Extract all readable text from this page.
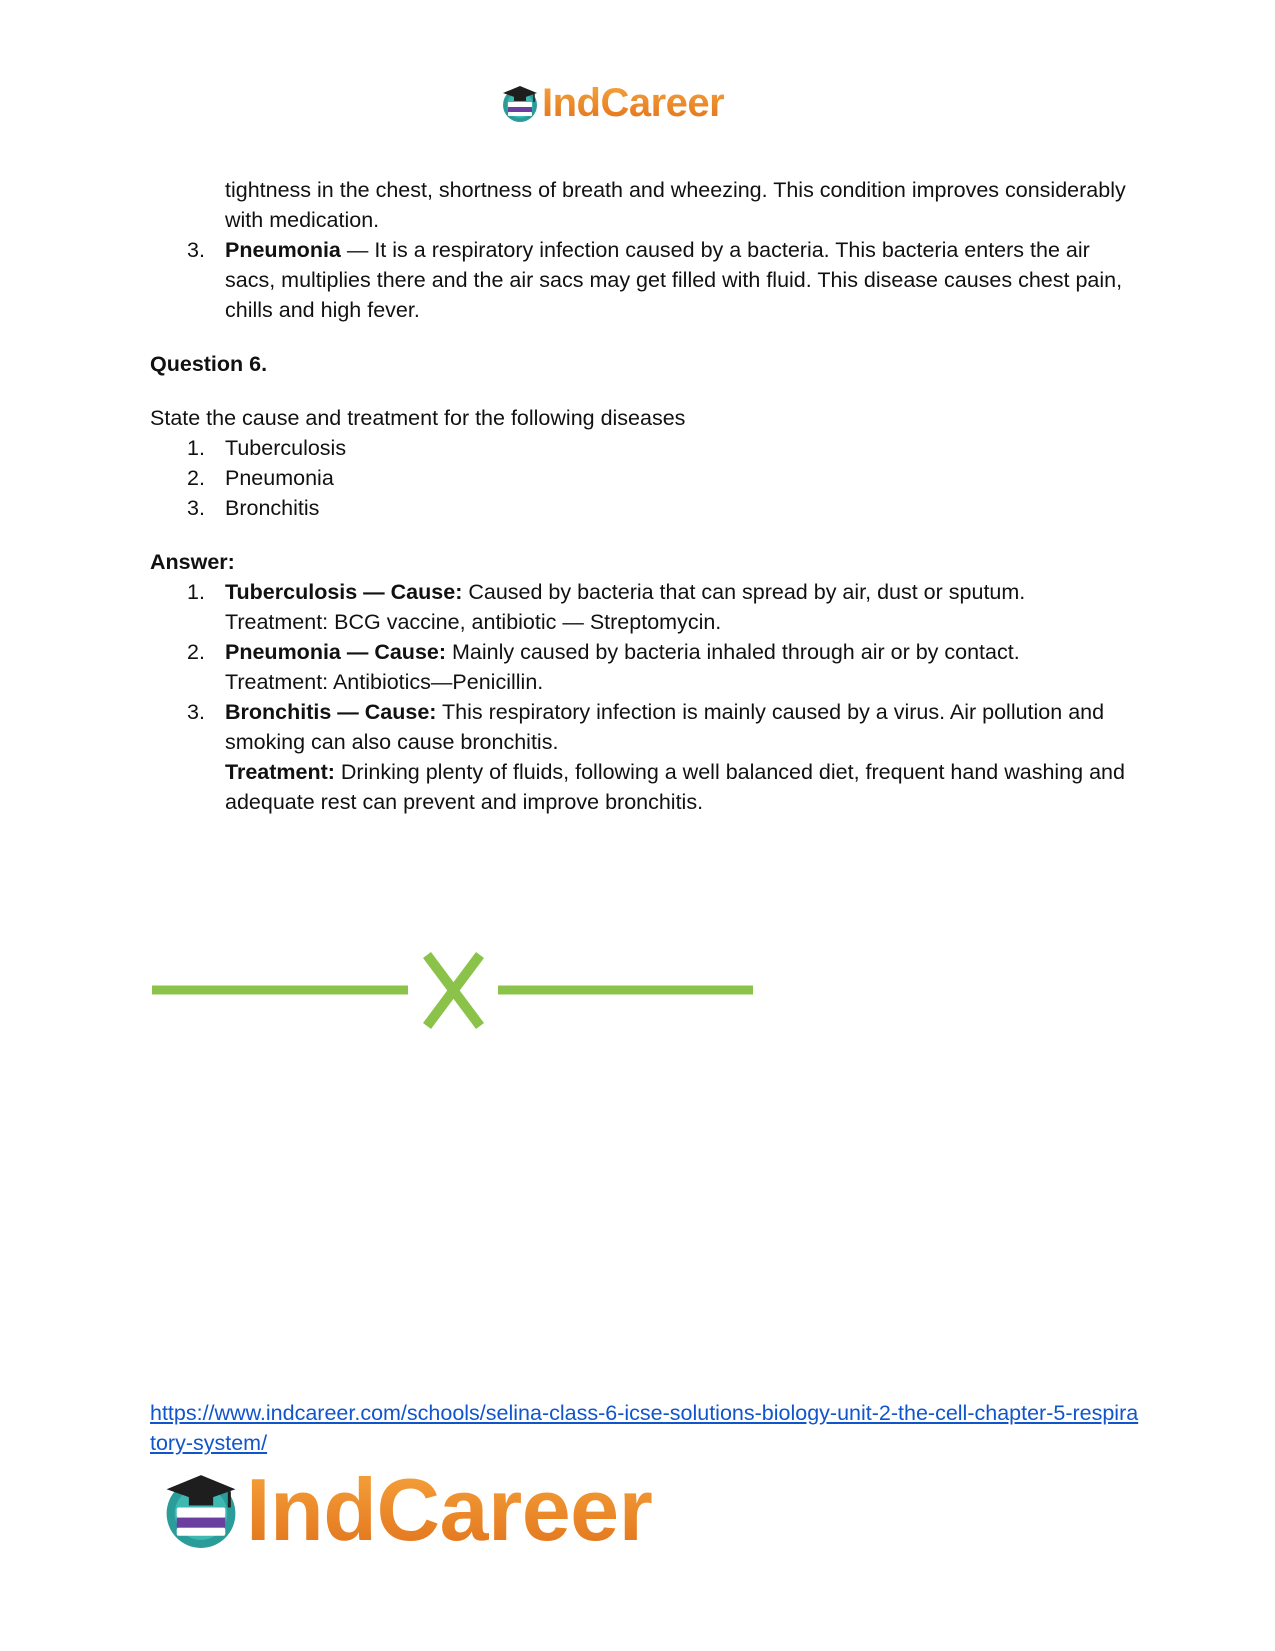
IndCareer
tightness in the chest, shortness of breath and wheezing. This condition improves considerably with medication.
3. Pneumonia — It is a respiratory infection caused by a bacteria. This bacteria enters the air sacs, multiplies there and the air sacs may get filled with fluid. This disease causes chest pain, chills and high fever.
Question 6.
State the cause and treatment for the following diseases
1. Tuberculosis
2. Pneumonia
3. Bronchitis
Answer:
1. Tuberculosis — Cause: Caused by bacteria that can spread by air, dust or sputum.
Treatment: BCG vaccine, antibiotic — Streptomycin.
2. Pneumonia — Cause: Mainly caused by bacteria inhaled through air or by contact.
Treatment: Antibiotics—Penicillin.
3. Bronchitis — Cause: This respiratory infection is mainly caused by a virus. Air pollution and smoking can also cause bronchitis.
Treatment: Drinking plenty of fluids, following a well balanced diet, frequent hand washing and adequate rest can prevent and improve bronchitis.
https://www.indcareer.com/schools/selina-class-6-icse-solutions-biology-unit-2-the-cell-chapter-5-respiratory-system/
IndCareer
